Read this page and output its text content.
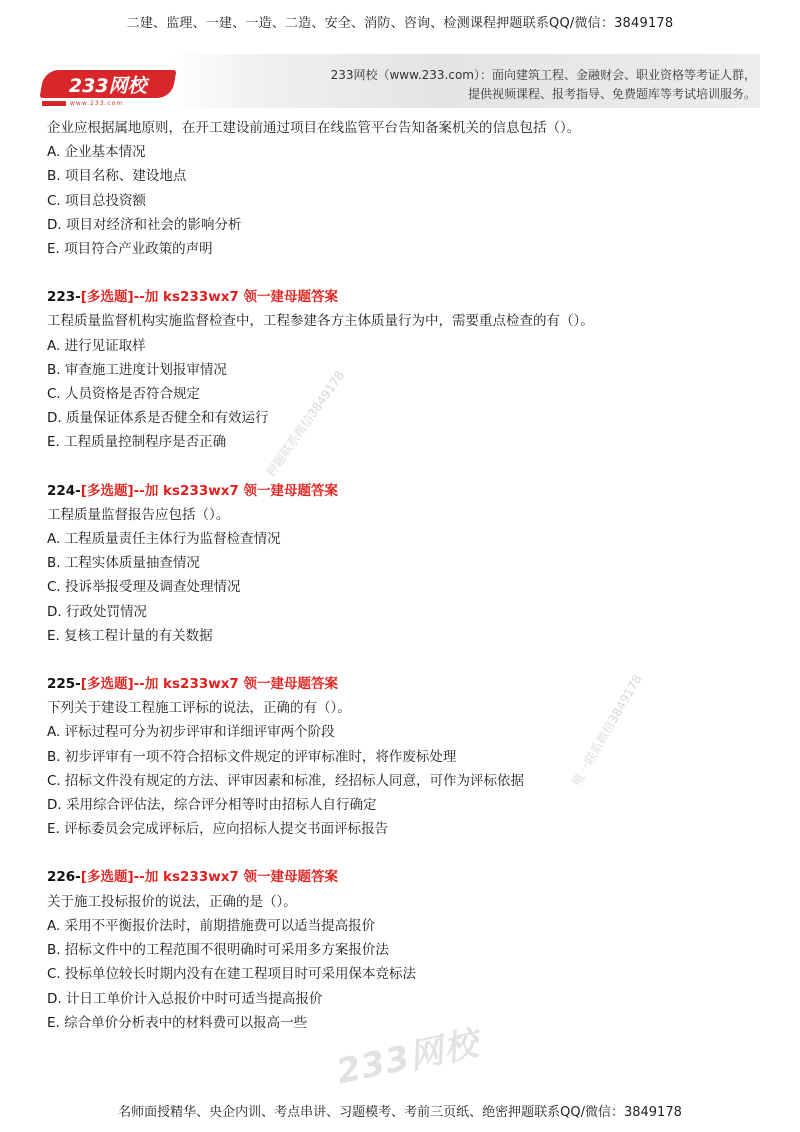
二建、监理、一建、一造、二造、安全、消防、咨询、检测课程押题联系QQ/微信：3849178
233网校
www.233.com
233网校（www.233.com）：面向建筑工程、金融财会、职业资格等考证人群，
提供视频课程、报考指导、免费题库等考试培训服务。
企业应根据属地原则，在开工建设前通过项目在线监管平台告知备案机关的信息包括（）。
A. 企业基本情况
B. 项目名称、建设地点
C. 项目总投资额
D. 项目对经济和社会的影响分析
E. 项目符合产业政策的声明
223-[多选题]--加 ks233wx7 领一建母题答案
工程质量监督机构实施监督检查中，工程参建各方主体质量行为中，需要重点检查的有（）。
A. 进行见证取样
B. 审查施工进度计划报审情况
C. 人员资格是否符合规定
D. 质量保证体系是否健全和有效运行
E. 工程质量控制程序是否正确
224-[多选题]--加 ks233wx7 领一建母题答案
工程质量监督报告应包括（）。
A. 工程质量责任主体行为监督检查情况
B. 工程实体质量抽查情况
C. 投诉举报受理及调查处理情况
D. 行政处罚情况
E. 复核工程计量的有关数据
225-[多选题]--加 ks233wx7 领一建母题答案
下列关于建设工程施工评标的说法，正确的有（）。
A. 评标过程可分为初步评审和详细评审两个阶段
B. 初步评审有一项不符合招标文件规定的评审标准时，将作废标处理
C. 招标文件没有规定的方法、评审因素和标准，经招标人同意，可作为评标依据
D. 采用综合评估法，综合评分相等时由招标人自行确定
E. 评标委员会完成评标后，应向招标人提交书面评标报告
226-[多选题]--加 ks233wx7 领一建母题答案
关于施工投标报价的说法，正确的是（）。
A. 采用不平衡报价法时，前期措施费可以适当提高报价
B. 招标文件中的工程范围不很明确时可采用多方案报价法
C. 投标单位较长时期内没有在建工程项目时可采用保本竞标法
D. 计日工单价计入总报价中时可适当提高报价
E. 综合单价分析表中的材料费可以报高一些
押题联系微信3849178
唯一联系微信3849178
233网校
名师面授精华、央企内训、考点串讲、习题模考、考前三页纸、绝密押题联系QQ/微信：3849178
